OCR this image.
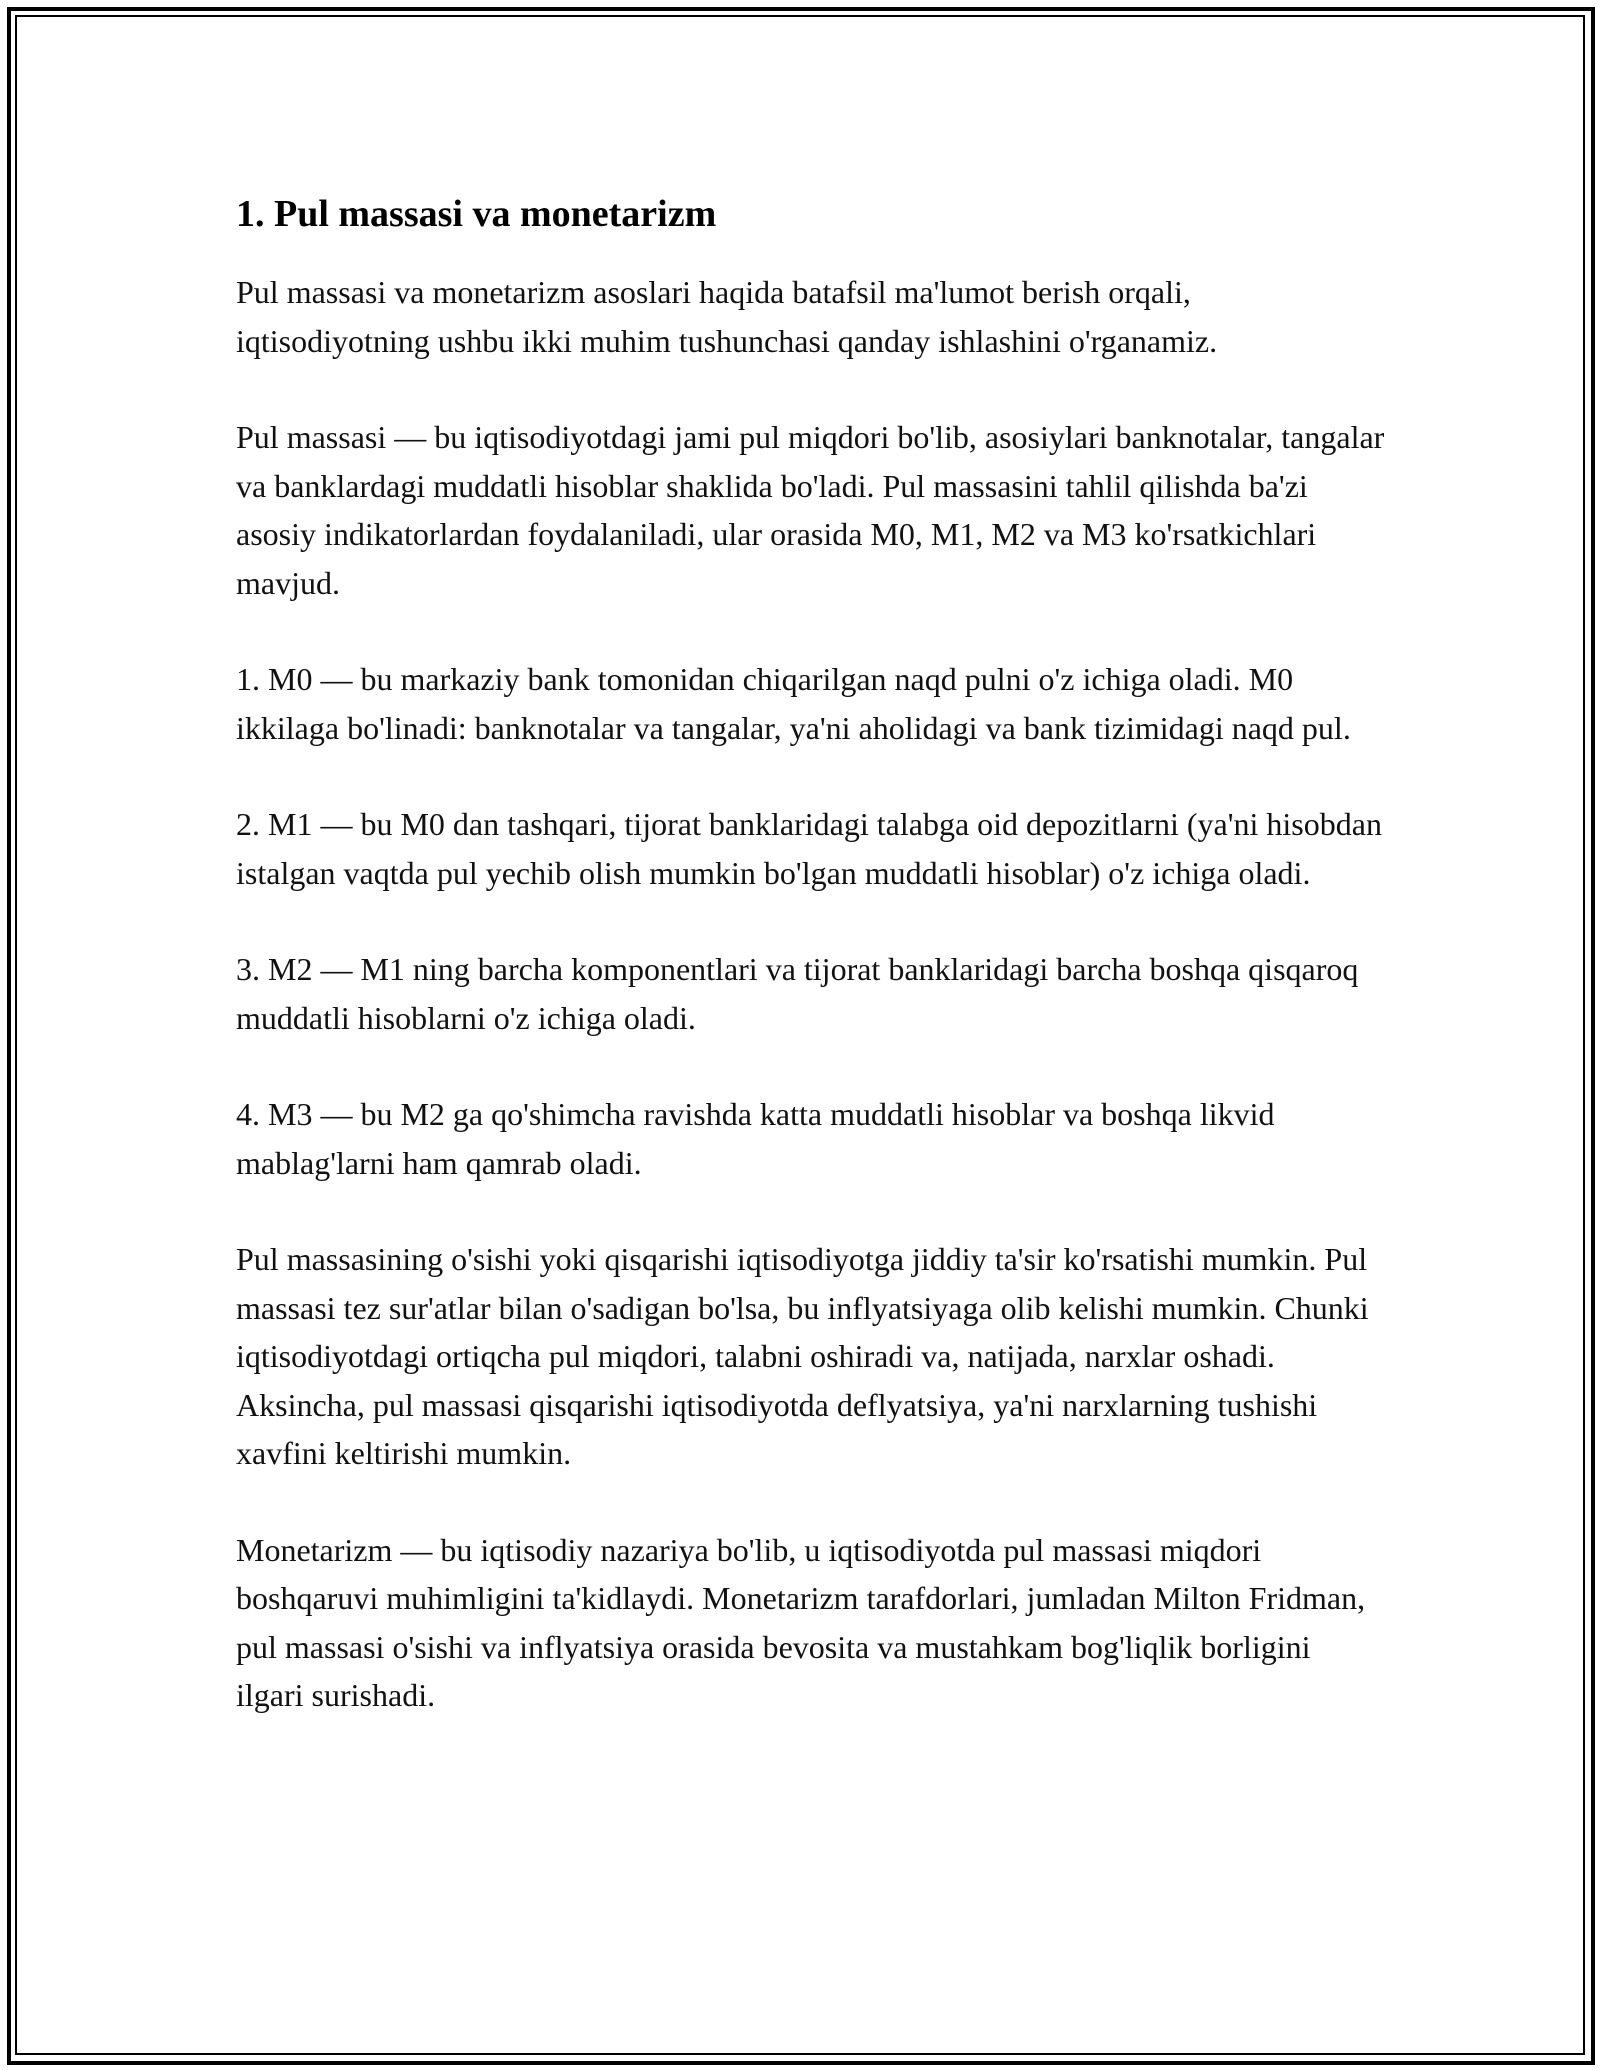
1. Pul massasi va monetarizm

Pul massasi va monetarizm asoslari haqida batafsil ma'lumot berish orqali, iqtisodiyotning ushbu ikki muhim tushunchasi qanday ishlashini o'rganamiz.

Pul massasi — bu iqtisodiyotdagi jami pul miqdori bo'lib, asosiylari banknotalar, tangalar va banklardagi muddatli hisoblar shaklida bo'ladi. Pul massasini tahlil qilishda ba'zi asosiy indikatorlardan foydalaniladi, ular orasida M0, M1, M2 va M3 ko'rsatkichlari mavjud.

1. M0 — bu markaziy bank tomonidan chiqarilgan naqd pulni o'z ichiga oladi. M0 ikkilaga bo'linadi: banknotalar va tangalar, ya'ni aholidagi va bank tizimidagi naqd pul.

2. M1 — bu M0 dan tashqari, tijorat banklaridagi talabga oid depozitlarni (ya'ni hisobdan istalgan vaqtda pul yechib olish mumkin bo'lgan muddatli hisoblar) o'z ichiga oladi.

3. M2 — M1 ning barcha komponentlari va tijorat banklaridagi barcha boshqa qisqaroq muddatli hisoblarni o'z ichiga oladi.

4. M3 — bu M2 ga qo'shimcha ravishda katta muddatli hisoblar va boshqa likvid mablag'larni ham qamrab oladi.

Pul massasining o'sishi yoki qisqarishi iqtisodiyotga jiddiy ta'sir ko'rsatishi mumkin. Pul massasi tez sur'atlar bilan o'sadigan bo'lsa, bu inflyatsiyaga olib kelishi mumkin. Chunki iqtisodiyotdagi ortiqcha pul miqdori, talabni oshiradi va, natijada, narxlar oshadi. Aksincha, pul massasi qisqarishi iqtisodiyotda deflyatsiya, ya'ni narxlarning tushishi xavfini keltirishi mumkin.

Monetarizm — bu iqtisodiy nazariya bo'lib, u iqtisodiyotda pul massasi miqdori boshqaruvi muhimligini ta'kidlaydi. Monetarizm tarafdorlari, jumladan Milton Fridman, pul massasi o'sishi va inflyatsiya orasida bevosita va mustahkam bog'liqlik borligini ilgari surishadi.
